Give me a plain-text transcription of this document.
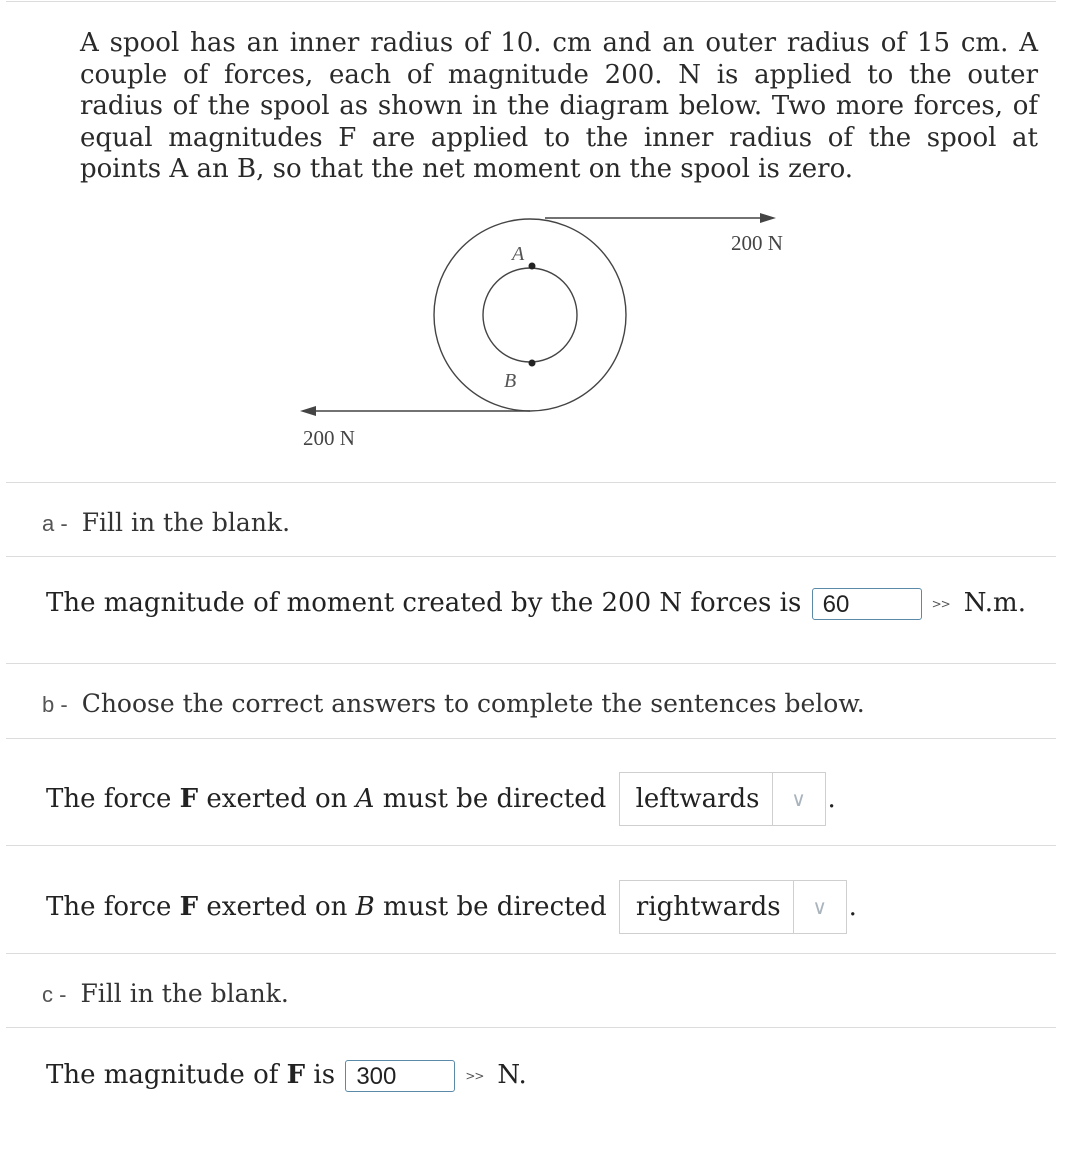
A spool has an inner radius of 10. cm and an outer radius of 15 cm. A couple of forces, each of magnitude 200. N is applied to the outer radius of the spool as shown in the diagram below. Two more forces, of equal magnitudes F are applied to the inner radius of the spool at points A an B, so that the net moment on the spool is zero.
A
B
200 N
200 N
a - Fill in the blank.
The magnitude of moment created by the 200 N forces is 60	>> N.m.
b - Choose the correct answers to complete the sentences below.
The force F exerted on A must be directed	leftwards	∨ .
The force F exerted on B must be directed	rightwards	∨ .
c - Fill in the blank.
The magnitude of F is 300	>> N.
